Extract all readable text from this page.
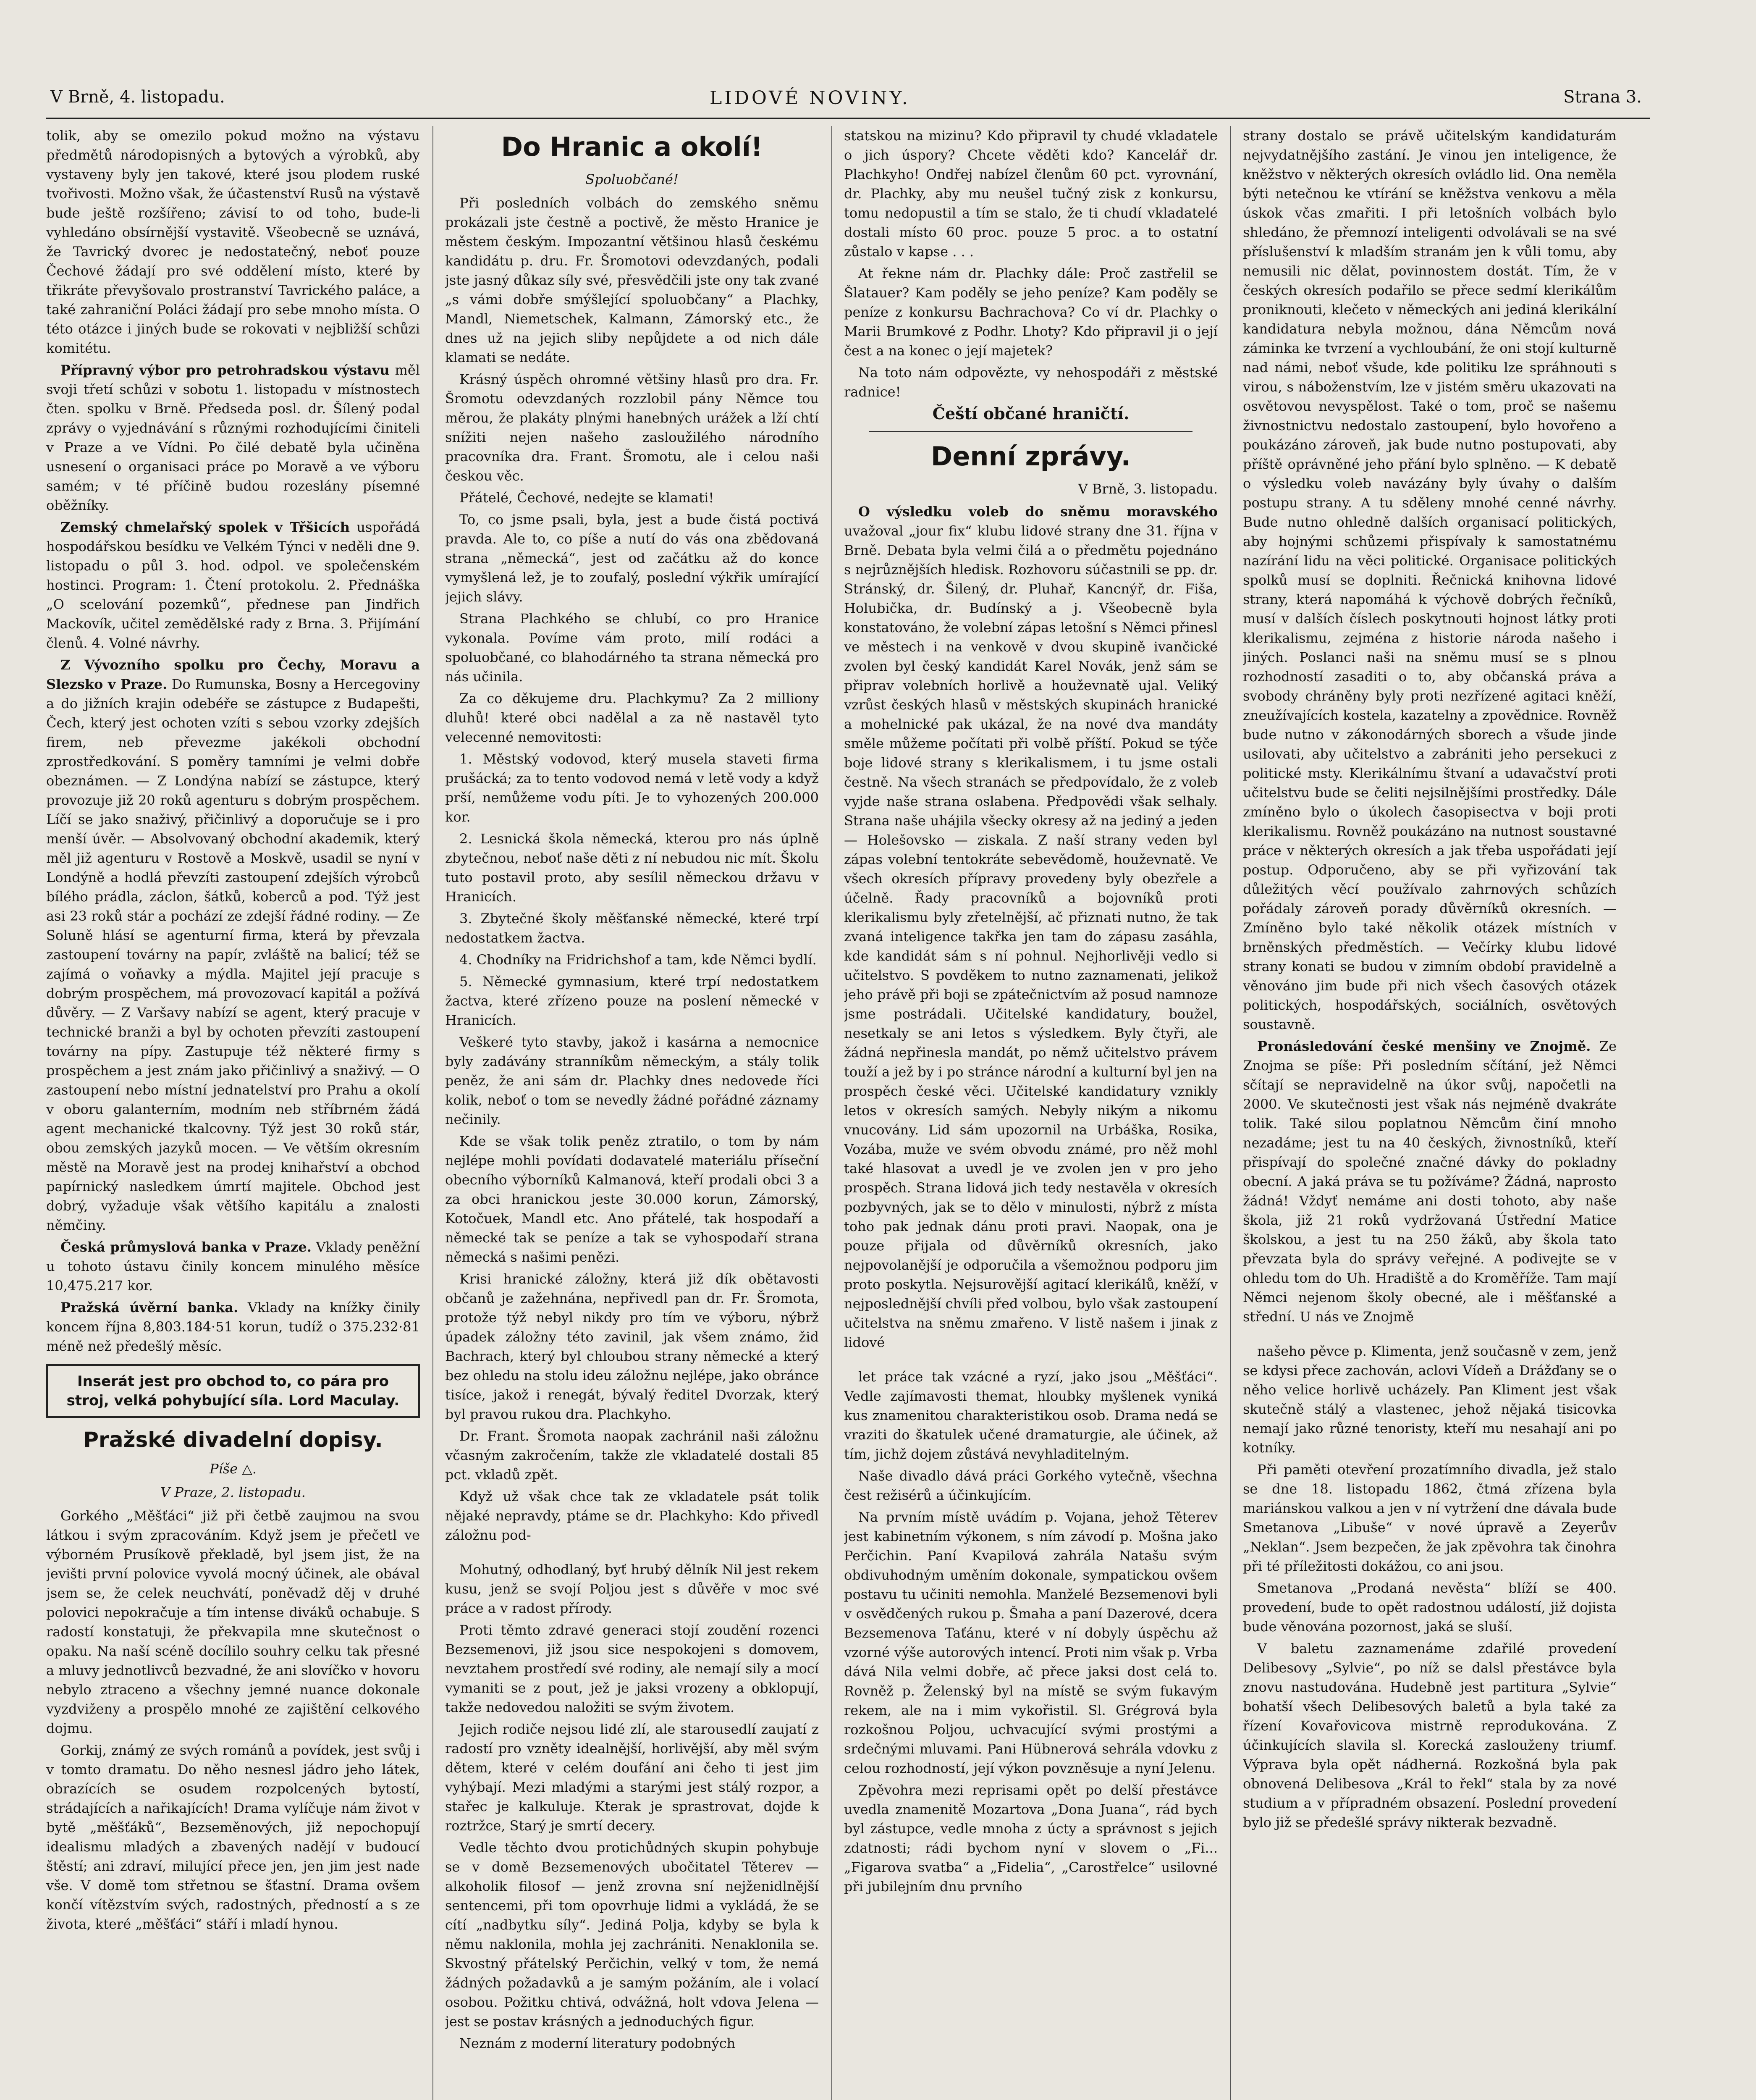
V Brně, 4. listopadu.	LIDOVÉ NOVINY.	Strana 3.

tolik, aby se omezilo pokud možno na výstavu předmětů národopisných a bytových a výrobků, aby vystaveny byly jen takové, které jsou plodem ruské tvořivosti. Možno však, že účastenství Rusů na výstavě bude ještě rozšířeno; závisí to od toho, bude-li vyhledáno obsírnější vystavitě. Všeobecně se uznává, že Tavrický dvorec je nedostatečný, neboť pouze Čechové žádají pro své oddělení místo, které by třikráte převyšovalo prostranství Tavrického paláce, a také zahraniční Poláci žádají pro sebe mnoho místa. O této otázce i jiných bude se rokovati v nejbližší schůzi komitétu.

Přípravný výbor pro petrohradskou výstavu měl svoji třetí schůzi v sobotu 1. listopadu v místnostech čten. spolku v Brně. Předseda posl. dr. Šílený podal zprávy o vyjednávání s různými rozhodujícími činiteli v Praze a ve Vídni. Po čilé debatě byla učiněna usnesení o organisaci práce po Moravě a ve výboru samém; v té příčině budou rozeslány písemné oběžníky.

Zemský chmelařský spolek v Třšicích uspořádá hospodářskou besídku ve Velkém Týnci v neděli dne 9. listopadu o půl 3. hod. odpol. ve společenském hostinci. Program: 1. Čtení protokolu. 2. Přednáška „O scelování pozemků“, přednese pan Jindřich Mackovík, učitel zemědělské rady z Brna. 3. Přijímání členů. 4. Volné návrhy.

Z Vývozního spolku pro Čechy, Moravu a Slezsko v Praze. Do Rumunska, Bosny a Hercegoviny a do jižních krajin odebéře se zástupce z Budapešti, Čech, který jest ochoten vzíti s sebou vzorky zdejších firem, neb převezme jakékoli obchodní zprostředkování. S poměry tamními je velmi dobře obeznámen. — Z Londýna nabízí se zástupce, který provozuje již 20 roků agenturu s dobrým prospěchem. Líčí se jako snaživý, přičinlivý a doporučuje se i pro menší úvěr. — Absolvovaný obchodní akademik, který měl již agenturu v Rostově a Moskvě, usadil se nyní v Londýně a hodlá převzíti zastoupení zdejších výrobců bílého prádla, záclon, šátků, koberců a pod. Týž jest asi 23 roků stár a pochází ze zdejší řádné rodiny. — Ze Soluně hlásí se agenturní firma, která by převzala zastoupení továrny na papír, zvláště na balicí; též se zajímá o voňavky a mýdla. Majitel její pracuje s dobrým prospěchem, má provozovací kapitál a požívá důvěry. — Z Varšavy nabízí se agent, který pracuje v technické branži a byl by ochoten převzíti zastoupení továrny na pípy. Zastupuje též některé firmy s prospěchem a jest znám jako přičinlivý a snaživý. — O zastoupení nebo místní jednatelství pro Prahu a okolí v oboru galanterním, modním neb stříbrném žádá agent mechanické tkalcovny. Týž jest 30 roků stár, obou zemských jazyků mocen. — Ve větším okresním městě na Moravě jest na prodej knihařství a obchod papírnický nasledkem úmrtí majitele. Obchod jest dobrý, vyžaduje však většího kapitálu a znalosti němčiny.

Česká průmyslová banka v Praze. Vklady peněžní u tohoto ústavu činily koncem minulého měsíce 10,475.217 kor.

Pražská úvěrní banka. Vklady na knížky činily koncem října 8,803.184·51 korun, tudíž o 375.232·81 méně než předešlý měsíc.

Inserát jest pro obchod to, co pára pro stroj, velká pohybující síla. Lord Maculay.
Pražské divadelní dopisy.
Píše △.
V Praze, 2. listopadu.

Gorkého „Měšťáci“ již při četbě zaujmou na svou látkou i svým zpracováním. Když jsem je přečetl ve výborném Prusíkově překladě, byl jsem jist, že na jevišti první polovice vyvolá mocný účinek, ale obával jsem se, že celek neuchvátí, poněvadž děj v druhé polovici nepokračuje a tím intense diváků ochabuje. S radostí konstatuji, že překvapila mne skutečnost o opaku. Na naší scéně docílilo souhry celku tak přesné a mluvy jednotlivců bezvadné, že ani slovíčko v hovoru nebylo ztraceno a všechny jemné nuance dokonale vyzdviženy a prospělo mnohé ze zajištění celkového dojmu.

Gorkij, známý ze svých románů a povídek, jest svůj i v tomto dramatu. Do něho nesnesl jádro jeho látek, obrazících se osudem rozpolcených bytostí, strádajících a nařikajících! Drama vylíčuje nám život v bytě „měšťáků“, Bezseměnových, již nepochopují idealismu mladých a zbavených nadějí v budoucí štěstí; ani zdraví, milující přece jen, jen jim jest nade vše. V domě tom střetnou se šťastní. Drama ovšem končí vítězstvím svých, radostných, předností a s ze života, které „měšťáci“ stáří i mladí hynou.

Do Hranic a okolí!
Spoluobčané!

Při posledních volbách do zemského sněmu prokázali jste čestně a poctivě, že město Hranice je městem českým. Impozantní většinou hlasů českému kandidátu p. dru. Fr. Šromotovi odevzdaných, podali jste jasný důkaz síly své, přesvědčili jste ony tak zvané „s vámi dobře smýšlející spoluobčany“ a Plachky, Mandl, Niemetschek, Kalmann, Zámorský etc., že dnes už na jejich sliby nepůjdete a od nich dále klamati se nedáte.

Krásný úspěch ohromné většiny hlasů pro dra. Fr. Šromotu odevzdaných rozzlobil pány Němce tou měrou, že plakáty plnými hanebných urážek a lží chtí snížiti nejen našeho zasloužilého národního pracovníka dra. Frant. Šromotu, ale i celou naši českou věc.

Přátelé, Čechové, nedejte se klamati!

To, co jsme psali, byla, jest a bude čistá poctivá pravda. Ale to, co píše a nutí do vás ona zbědovaná strana „německá“, jest od začátku až do konce vymyšlená lež, je to zoufalý, poslední výkřik umírající jejich slávy.

Strana Plachkého se chlubí, co pro Hranice vykonala. Povíme vám proto, milí rodáci a spoluobčané, co blahodárného ta strana německá pro nás učinila.

Za co děkujeme dru. Plachkymu? Za 2 milliony dluhů! které obci nadělal a za ně nastavěl tyto velecenné nemovitosti:

1. Městský vodovod, který musela staveti firma prušácká; za to tento vodovod nemá v letě vody a když prší, nemůžeme vodu píti. Je to vyhozených 200.000 kor.

2. Lesnická škola německá, kterou pro nás úplně zbytečnou, neboť naše děti z ní nebudou nic mít. Školu tuto postavil proto, aby sesílil německou državu v Hranicích.

3. Zbytečné školy měšťanské německé, které trpí nedostatkem žactva.

4. Chodníky na Fridrichshof a tam, kde Němci bydlí.

5. Německé gymnasium, které trpí nedostatkem žactva, které zřízeno pouze na poslení německé v Hranicích.

Veškeré tyto stavby, jakož i kasárna a nemocnice byly zadávány stranníkům německým, a stály tolik peněz, že ani sám dr. Plachky dnes nedovede říci kolik, neboť o tom se nevedly žádné pořádné záznamy nečinily.

Kde se však tolik peněz ztratilo, o tom by nám nejlépe mohli povídati dodavatelé materiálu příseční obecního výborníků Kalmanová, kteří prodali obci 3 a za obci hranickou jeste 30.000 korun, Zámorský, Kotočuek, Mandl etc. Ano přátelé, tak hospodaří a německé tak se peníze a tak se vyhospodaří strana německá s našimi penězi.

Krisi hranické záložny, která již dík obětavosti občanů je zažehnána, nepřivedl pan dr. Fr. Šromota, protože týž nebyl nikdy pro tím ve výboru, nýbrž úpadek záložny této zavinil, jak všem známo, žid Bachrach, který byl chloubou strany německé a který bez ohledu na stolu ideu záložnu nejlépe, jako obránce tisíce, jakož i renegát, bývalý ředitel Dvorzak, který byl pravou rukou dra. Plachkyho.

Dr. Frant. Šromota naopak zachránil naši záložnu včasným zakročením, takže zle vkladatelé dostali 85 pct. vkladů zpět.

Když už však chce tak ze vkladatele psát tolik nějaké nepravdy, ptáme se dr. Plachkyho: Kdo přivedl záložnu pod-

Mohutný, odhodlaný, byť hrubý dělník Nil jest rekem kusu, jenž se svojí Poljou jest s důvěře v moc své práce a v radost přírody.

Proti těmto zdravé generaci stojí zoudění rozenci Bezsemenovi, již jsou sice nespokojeni s domovem, nevztahem prostředí své rodiny, ale nemají sily a mocí vymaniti se z pout, jež je jaksi vrozeny a obklopují, takže nedovedou naložiti se svým životem.

Jejich rodiče nejsou lidé zlí, ale starousedlí zaujatí z radostí pro vzněty idealnější, horlivější, aby měl svým dětem, které v celém doufání ani čeho ti jest jim vyhýbají. Mezi mladými a starými jest stálý rozpor, a stařec je kalkuluje. Kterak je sprastrovat, dojde k roztržce, Starý je smrtí decery.

Vedle těchto dvou protichůdných skupin pohybuje se v domě Bezsemenových ubočitatel Těterev — alkoholik filosof — jenž zrovna sní nejženidlnější sentencemi, při tom opovrhuje lidmi a vykládá, že se cítí „nadbytku síly“. Jediná Polja, kdyby se byla k němu naklonila, mohla jej zachrániti. Nenaklonila se. Skvostný přátelský Perčichin, velký v tom, že nemá žádných požadavků a je samým požáním, ale i volací osobou. Požitku chtivá, odvážná, holt vdova Jelena — jest se postav krásných a jednoduchých figur.

Neznám z moderní literatury podobných

statskou na mizinu? Kdo připravil ty chudé vkladatele o jich úspory? Chcete věděti kdo? Kancelář dr. Plachkyho! Ondřej nabízel členům 60 pct. vyrovnání, dr. Plachky, aby mu neušel tučný zisk z konkursu, tomu nedopustil a tím se stalo, že ti chudí vkladatelé dostali místo 60 proc. pouze 5 proc. a to ostatní zůstalo v kapse . . .

At řekne nám dr. Plachky dále: Proč zastřelil se Šlatauer? Kam poděly se jeho peníze? Kam poděly se peníze z konkursu Bachrachova? Co ví dr. Plachky o Marii Brumkové z Podhr. Lhoty? Kdo připravil ji o její čest a na konec o její majetek?

Na toto nám odpovězte, vy nehospodáři z městské radnice!

Čeští občané hraničtí.
Denní zprávy.
V Brně, 3. listopadu.

O výsledku voleb do sněmu moravského uvažoval „jour fix“ klubu lidové strany dne 31. října v Brně. Debata byla velmi čilá a o předmětu pojednáno s nejrůznějších hledisk. Rozhovoru súčastnili se pp. dr. Stránský, dr. Šilený, dr. Pluhař, Kancnýř, dr. Fiša, Holubička, dr. Budínský a j. Všeobecně byla konstatováno, že volební zápas letošní s Němci přinesl ve městech i na venkově v dvou skupině ivančické zvolen byl český kandidát Karel Novák, jenž sám se připrav volebních horlivě a houževnatě ujal. Veliký vzrůst českých hlasů v městských skupinách hranické a mohelnické pak ukázal, že na nové dva mandáty směle můžeme počítati při volbě příští. Pokud se týče boje lidové strany s klerikalismem, i tu jsme ostali čestně. Na všech stranách se předpovídalo, že z voleb vyjde naše strana oslabena. Předpovědi však selhaly. Strana naše uhájila všecky okresy až na jediný a jeden — Holešovsko — ziskala. Z naší strany veden byl zápas volební tentokráte sebevědomě, houževnatě. Ve všech okresích přípravy provedeny byly obezřele a účelně. Řady pracovníků a bojovníků proti klerikalismu byly zřetelnější, ač přiznati nutno, že tak zvaná inteligence takřka jen tam do zápasu zasáhla, kde kandidát sám s ní pohnul. Nejhorlivěji vedlo si učitelstvo. S povděkem to nutno zaznamenati, jelikož jeho právě při boji se zpátečnictvím až posud namnoze jsme postrádali. Učitelské kandidatury, boužel, nesetkaly se ani letos s výsledkem. Byly čtyři, ale žádná nepřinesla mandát, po němž učitelstvo právem touží a jež by i po stránce národní a kulturní byl jen na prospěch české věci. Učitelské kandidatury vznikly letos v okresích samých. Nebyly nikým a nikomu vnucovány. Lid sám upozornil na Urbáška, Rosika, Vozába, muže ve svém obvodu známé, pro něž mohl také hlasovat a uvedl je ve zvolen jen v pro jeho prospěch. Strana lidová jich tedy nestavěla v okresích pozbyvných, jak se to dělo v minulosti, nýbrž z místa toho pak jednak dánu proti pravi. Naopak, ona je pouze přijala od důvěrníků okresních, jako nejpovolanější je odporučila a všemožnou podporu jim proto poskytla. Nejsurovější agitací klerikálů, kněží, v nejposlednější chvíli před volbou, bylo však zastoupení učitelstva na sněmu zmařeno. V listě našem i jinak z lidové

let práce tak vzácné a ryzí, jako jsou „Měšťáci“. Vedle zajímavosti themat, hloubky myšlenek vyniká kus znamenitou charakteristikou osob. Drama nedá se vraziti do škatulek učené dramaturgie, ale účinek, až tím, jichž dojem zůstává nevyhladitelným.

Naše divadlo dává práci Gorkého vytečně, všechna čest režisérů a účinkujícím.

Na prvním místě uvádím p. Vojana, jehož Těterev jest kabinetním výkonem, s ním závodí p. Mošna jako Perčichin. Paní Kvapilová zahrála Natašu svým obdivuhodným uměním dokonale, sympatickou ovšem postavu tu učiniti nemohla. Manželé Bezsemenovi byli v osvědčených rukou p. Šmaha a paní Dazerové, dcera Bezsemenova Taťánu, které v ní dobyly úspěchu až vzorné výše autorových intencí. Proti nim však p. Vrba dává Nila velmi dobře, ač přece jaksi dost celá to. Rovněž p. Želenský byl na místě se svým fukavým rekem, ale na i mim vykořistil. Sl. Grégrová byla rozkošnou Poljou, uchvacující svými prostými a srdečnými mluvami. Pani Hübnerová sehrála vdovku z celou rozhodností, její výkon povzněsuje a nyní Jelenu.

Zpěvohra mezi reprisami opět po delší přestávce uvedla znamenitě Mozartova „Dona Juana“, rád bych byl zástupce, vedle mnoha z úcty a správnost s jejich zdatnosti; rádi bychom nyní v slovem o „Fi... „Figarova svatba“ a „Fidelia“, „Carostřelce“ usilovné při jubilejním dnu prvního

strany dostalo se právě učitelským kandidaturám nejvydatnějšího zastání. Je vinou jen inteligence, že kněžstvo v některých okresích ovládlo lid. Ona neměla býti netečnou ke vtírání se kněžstva venkovu a měla úskok včas zmařiti. I při letošních volbách bylo shledáno, že přemnozí inteligenti odvolávali se na své příslušenství k mladším stranám jen k vůli tomu, aby nemusili nic dělat, povinnostem dostát. Tím, že v českých okresích podařilo se přece sedmí klerikálům proniknouti, klečeto v německých ani jediná klerikální kandidatura nebyla možnou, dána Němcům nová záminka ke tvrzení a vychloubání, že oni stojí kulturně nad námi, neboť všude, kde politiku lze spráhnouti s virou, s náboženstvím, lze v jistém směru ukazovati na osvětovou nevyspělost. Také o tom, proč se našemu živnostnictvu nedostalo zastoupení, bylo hovořeno a poukázáno zároveň, jak bude nutno postupovati, aby příště oprávněné jeho přání bylo splněno. — K debatě o výsledku voleb navázány byly úvahy o dalším postupu strany. A tu sděleny mnohé cenné návrhy. Bude nutno ohledně dalších organisací politických, aby hojnými schůzemi přispívaly k samostatnému nazírání lidu na věci politické. Organisace politických spolků musí se doplniti. Řečnická knihovna lidové strany, která napomáhá k výchově dobrých řečníků, musí v dalších číslech poskytnouti hojnost látky proti klerikalismu, zejména z historie národa našeho i jiných. Poslanci naši na sněmu musí se s plnou rozhodností zasaditi o to, aby občanská práva a svobody chráněny byly proti nezřízené agitaci kněží, zneužívajících kostela, kazatelny a zpovědnice. Rovněž bude nutno v zákonodárných sborech a všude jinde usilovati, aby učitelstvo a zabrániti jeho persekuci z politické msty. Klerikálnímu štvaní a udavačství proti učitelstvu bude se čeliti nejsilnějšími prostředky. Dále zmíněno bylo o úkolech časopisectva v boji proti klerikalismu. Rovněž poukázáno na nutnost soustavné práce v některých okresích a jak třeba uspořádati její postup. Odporučeno, aby se při vyřizování tak důležitých věcí používalo zahrnových schůzích pořádaly zároveň porady důvěrníků okresních. — Zmíněno bylo také několik otázek místních v brněnských předměstích. — Večírky klubu lidové strany konati se budou v zimním období pravidelně a věnováno jim bude při nich všech časových otázek politických, hospodářských, sociálních, osvětových soustavně.

Pronásledování české menšiny ve Znojmě. Ze Znojma se píše: Při posledním sčítání, jež Němci sčítají se nepravidelně na úkor svůj, napočetli na 2000. Ve skutečnosti jest však nás nejméně dvakráte tolik. Také silou poplatnou Němcům činí mnoho nezadáme; jest tu na 40 českých, živnostníků, kteří přispívají do společné značné dávky do pokladny obecní. A jaká práva se tu požíváme? Žádná, naprosto žádná! Vždyť nemáme ani dosti tohoto, aby naše škola, již 21 roků vydržovaná Ústřední Matice školskou, a jest tu na 250 žáků, aby škola tato převzata byla do správy veřejné. A podivejte se v ohledu tom do Uh. Hradiště a do Kroměříže. Tam mají Němci nejenom školy obecné, ale i měšťanské a střední. U nás ve Znojmě

našeho pěvce p. Klimenta, jenž současně v zem, jenž se kdysi přece zachován, aclovi Vídeň a Drážďany se o něho velice horlivě ucházely. Pan Kliment jest však skutečně stálý a vlastenec, jehož nějaká tisicovka nemají jako různé tenoristy, kteří mu nesahají ani po kotníky.

Při paměti otevření prozatímního divadla, jež stalo se dne 18. listopadu 1862, čtmá zřízena byla mariánskou valkou a jen v ní vytržení dne dávala bude Smetanova „Libuše“ v nové úpravě a Zeyerův „Neklan“. Jsem bezpečen, že jak zpěvohra tak činohra při té příležitosti dokážou, co ani jsou.

Smetanova „Prodaná nevěsta“ blíží se 400. provedení, bude to opět radostnou událostí, již dojista bude věnována pozornost, jaká se sluší.

V baletu zaznamenáme zdařilé provedení Delibesovy „Sylvie“, po níž se dalsl přestávce byla znovu nastudována. Hudebně jest partitura „Sylvie“ bohatší všech Delibesových baletů a byla také za řízení Kovařovicova mistrně reprodukována. Z účinkujících slavila sl. Korecká zaslouženy triumf. Výprava byla opět nádherná. Rozkošná byla pak obnovená Delibesova „Král to řekl“ stala by za nové studium a v přípradném obsazení. Poslední provedení bylo již se předešlé správy nikterak bezvadně.
